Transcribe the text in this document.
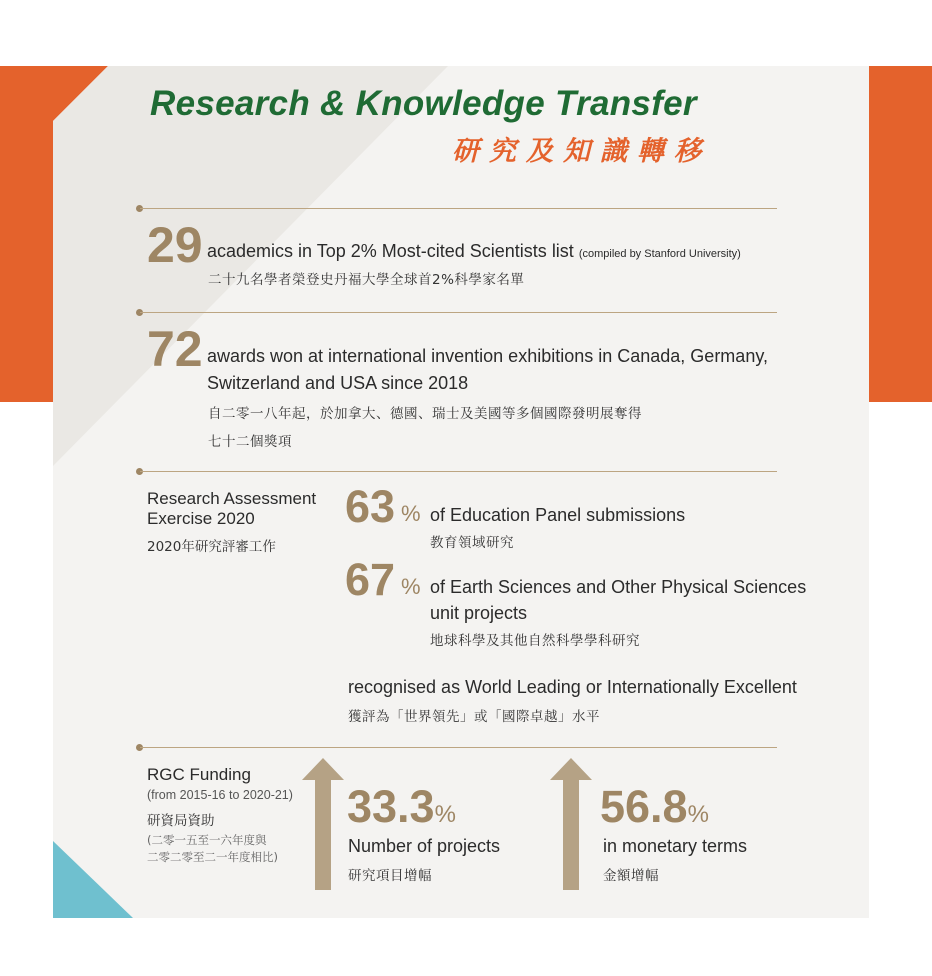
Research & Knowledge Transfer
研究及知識轉移
29 academics in Top 2% Most-cited Scientists list (compiled by Stanford University)
二十九名學者榮登史丹福大學全球首2%科學家名單
72 awards won at international invention exhibitions in Canada, Germany,
Switzerland and USA since 2018
自二零一八年起，於加拿大、德國、瑞士及美國等多個國際發明展奪得
七十二個獎項
Research Assessment
Exercise 2020
2020年研究評審工作
63 % of Education Panel submissions
教育領域研究
67 % of Earth Sciences and Other Physical Sciences
unit projects
地球科學及其他自然科學學科研究
recognised as World Leading or Internationally Excellent
獲評為「世界領先」或「國際卓越」水平
RGC Funding
(from 2015-16 to 2020-21)
研資局資助
(二零一五至一六年度與
二零二零至二一年度相比)
33.3%
Number of projects
研究項目增幅
56.8%
in monetary terms
金額增幅
